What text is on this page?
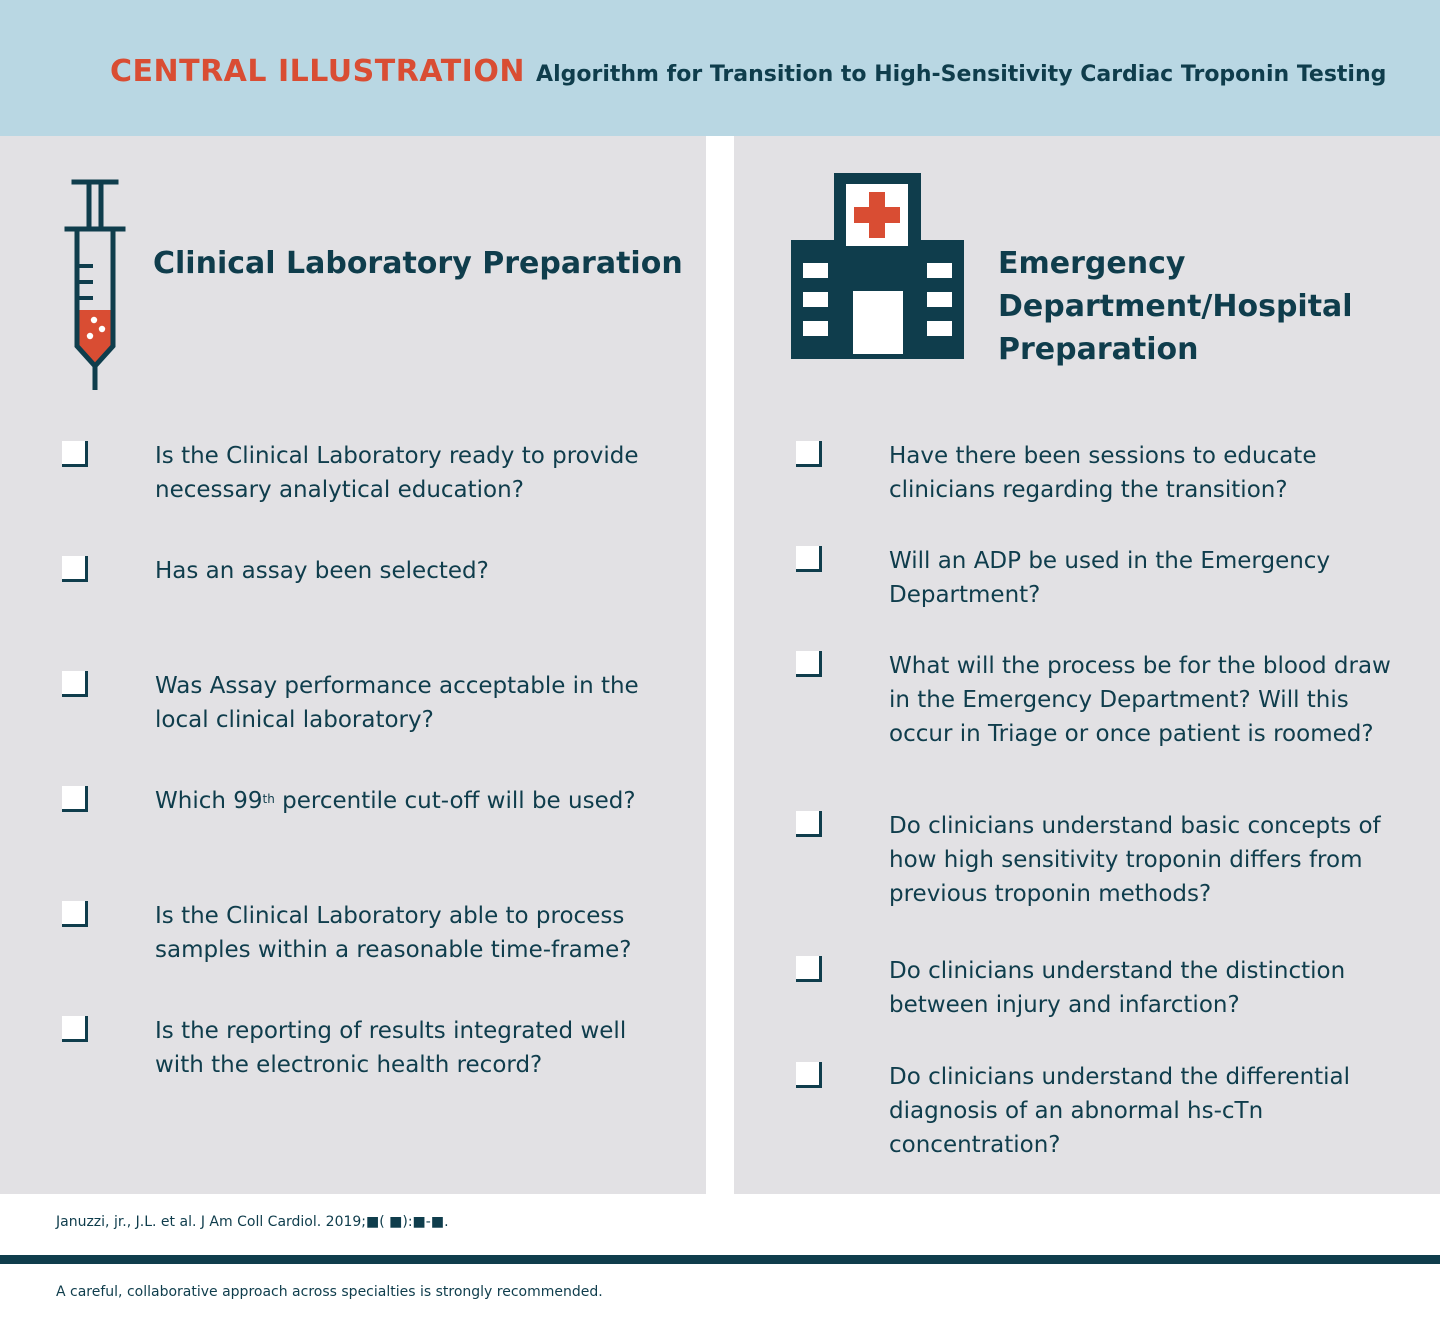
CENTRAL ILLUSTRATION Algorithm for Transition to High-Sensitivity Cardiac Troponin Testing
Clinical Laboratory Preparation
Is the Clinical Laboratory ready to provide necessary analytical education?
Has an assay been selected?
Was Assay performance acceptable in the local clinical laboratory?
Which 99th percentile cut-off will be used?
Is the Clinical Laboratory able to process samples within a reasonable time-frame?
Is the reporting of results integrated well with the electronic health record?
Emergency
Department/Hospital
Preparation
Have there been sessions to educate clinicians regarding the transition?
Will an ADP be used in the Emergency Department?
What will the process be for the blood draw in the Emergency Department? Will this occur in Triage or once patient is roomed?
Do clinicians understand basic concepts of how high sensitivity troponin differs from previous troponin methods?
Do clinicians understand the distinction between injury and infarction?
Do clinicians understand the differential diagnosis of an abnormal hs-cTn concentration?
Januzzi, jr., J.L. et al. J Am Coll Cardiol. 2019;■( ■):■-■.
A careful, collaborative approach across specialties is strongly recommended.
